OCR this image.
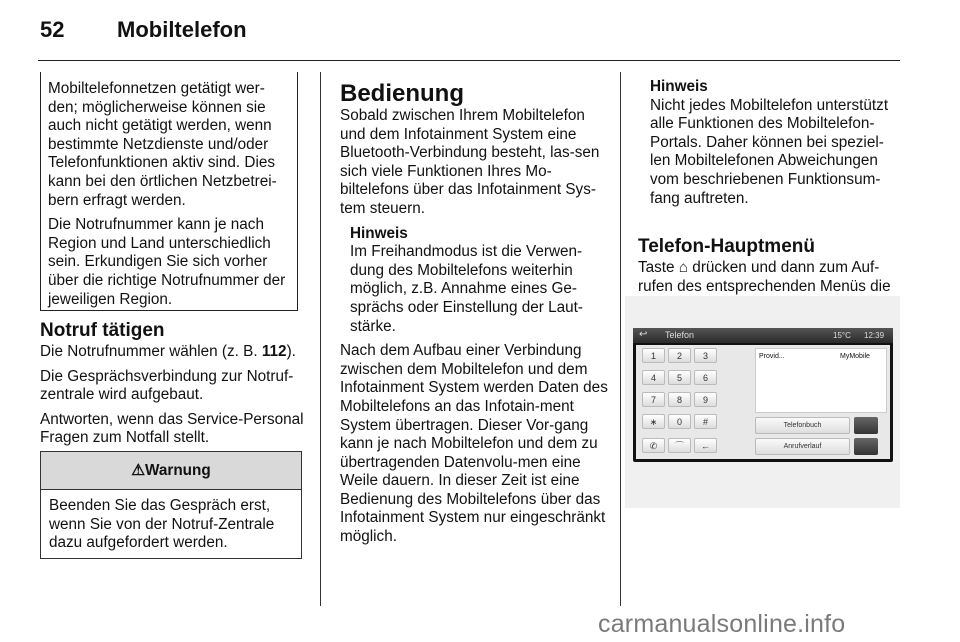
52 Mobiltelefon

Mobiltelefonnetzen getätigt wer-den; möglicherweise können sie auch nicht getätigt werden, wenn bestimmte Netzdienste und/oder Telefonfunktionen aktiv sind. Dies kann bei den örtlichen Netzbetrei-bern erfragt werden.

Die Notrufnummer kann je nach Region und Land unterschiedlich sein. Erkundigen Sie sich vorher über die richtige Notrufnummer der jeweiligen Region.

Notruf tätigen

Die Notrufnummer wählen (z. B. 112).

Die Gesprächsverbindung zur Notruf-zentrale wird aufgebaut.

Antworten, wenn das Service-Personal Fragen zum Notfall stellt.

⚠ Warnung
Beenden Sie das Gespräch erst, wenn Sie von der Notruf-Zentrale dazu aufgefordert werden.
Bedienung

Sobald zwischen Ihrem Mobiltelefon und dem Infotainment System eine Bluetooth-Verbindung besteht, las-sen sich viele Funktionen Ihres Mo-biltelefons über das Infotainment Sys-tem steuern.

Hinweis
Im Freihandmodus ist die Verwen-dung des Mobiltelefons weiterhin möglich, z.B. Annahme eines Ge-sprächs oder Einstellung der Laut-stärke.

Nach dem Aufbau einer Verbindung zwischen dem Mobiltelefon und dem Infotainment System werden Daten des Mobiltelefons an das Infotain-ment System übertragen. Dieser Vor-gang kann je nach Mobiltelefon und dem zu übertragenden Datenvolu-men eine Weile dauern. In dieser Zeit ist eine Bedienung des Mobiltelefons über das Infotainment System nur eingeschränkt möglich.

Hinweis
Nicht jedes Mobiltelefon unterstützt alle Funktionen des Mobiltelefon-Portals. Daher können bei speziel-len Mobiltelefonen Abweichungen vom beschriebenen Funktionsum-fang auftreten.
Telefon-Hauptmenü
Taste ⌂ drücken und dann zum Auf-rufen des entsprechenden Menüs die
↩ Telefon	15°C 12:39
1	2	3
4	5	6
7	8	9
∗	0	#
Provid...	MyMobile
Telefonbuch
Anrufverlauf
✆	⌒	←
carmanualsonline.info
